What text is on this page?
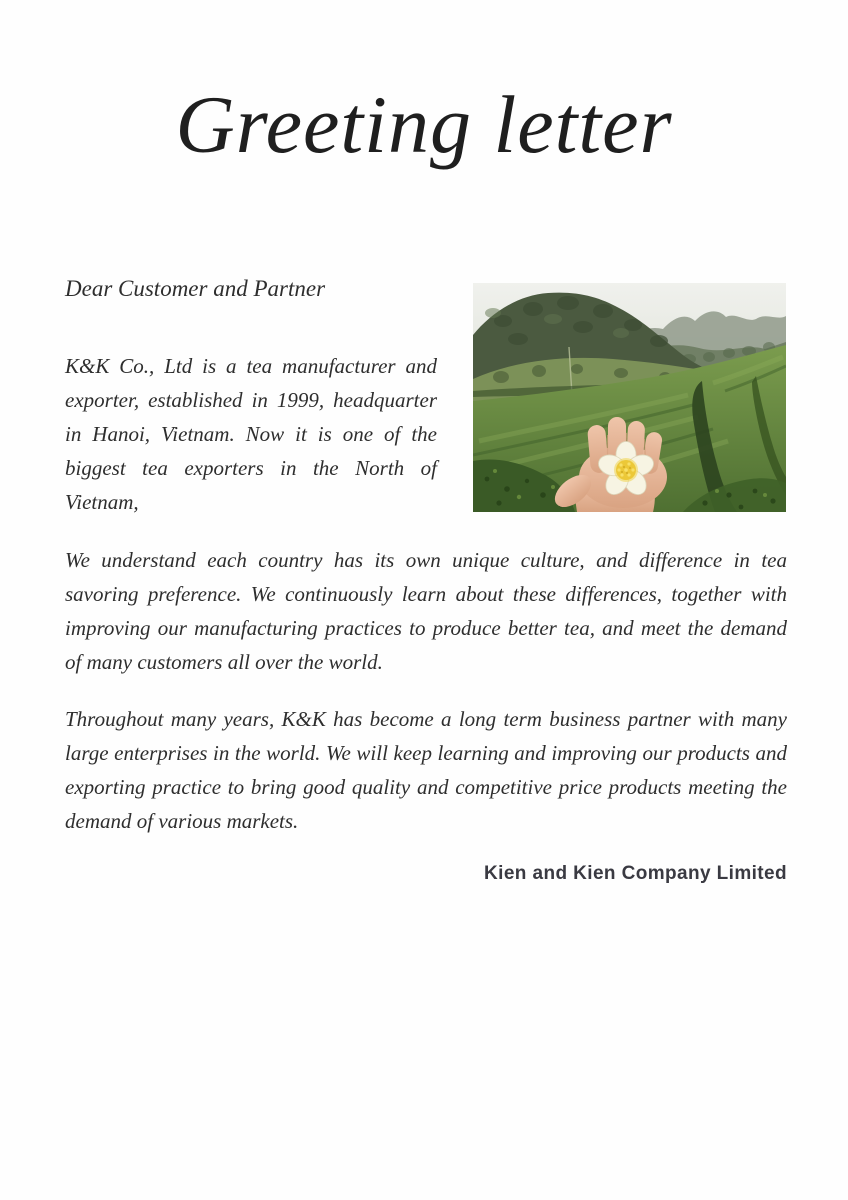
Greeting letter
Dear Customer and Partner

K&K Co., Ltd is a tea manufacturer and exporter, established in 1999, headquarter in Hanoi, Vietnam. Now it is one of the biggest tea exporters in the North of Vietnam,

We understand each country has its own unique culture, and difference in tea savoring preference. We continuously learn about these differences, together with improving our manufacturing practices to produce better tea, and meet the demand of many customers all over the world.

Throughout many years, K&K has become a long term business partner with many large enterprises in the world. We will keep learning and improving our products and exporting practice to bring good quality and competitive price products meeting the demand of various markets.

Kien and Kien Company Limited
